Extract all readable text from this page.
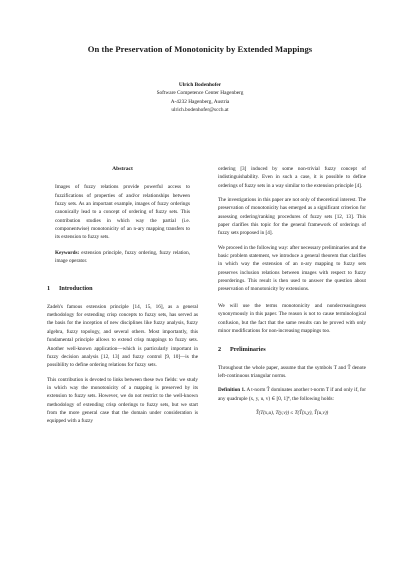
On the Preservation of Monotonicity by Extended Mappings
Ulrich Bodenhofer
Software Competence Center Hagenberg
A-4232 Hagenberg, Austria
ulrich.bodenhofer@scch.at

Abstract

Images of fuzzy relations provide powerful access to fuzzifications of properties of and/or relationships between fuzzy sets. As an important example, images of fuzzy orderings canonically lead to a concept of ordering of fuzzy sets. This contribution studies in which way the partial (i.e. componentwise) monotonicity of an n-ary mapping transfers to its extension to fuzzy sets.

Keywords: extension principle, fuzzy ordering, fuzzy relation, image operator.

1 Introduction

Zadeh's famous extension principle [14, 15, 16], as a general methodology for extending crisp concepts to fuzzy sets, has served as the basis for the inception of new disciplines like fuzzy analysis, fuzzy algebra, fuzzy topology, and several others. Most importantly, this fundamental principle allows to extend crisp mappings to fuzzy sets. Another well-known application—which is particularly important in fuzzy decision analysis [12, 13] and fuzzy control [9, 10]—is the possibility to define ordering relations for fuzzy sets.

This contribution is devoted to links between these two fields: we study in which way the monotonicity of a mapping is preserved by its extension to fuzzy sets. However, we do not restrict to the well-known methodology of extending crisp orderings to fuzzy sets, but we start from the more general case that the domain under consideration is equipped with a fuzzy

ordering [3] induced by some non-trivial fuzzy concept of indistinguishability. Even in such a case, it is possible to define orderings of fuzzy sets in a way similar to the extension principle [4].

The investigations in this paper are not only of theoretical interest. The preservation of monotonicity has emerged as a significant criterion for assessing ordering/ranking procedures of fuzzy sets [12, 13]. This paper clarifies this topic for the general framework of orderings of fuzzy sets proposed in [4].

We proceed in the following way: after necessary preliminaries and the basic problem statement, we introduce a general theorem that clarifies in which way the extension of an n-ary mapping to fuzzy sets preserves inclusion relations between images with respect to fuzzy preorderings. This result is then used to answer the question about preservation of monotonicity by extensions.

We will use the terms monotonicity and nondecreasingness synonymously in this paper. The reason is not to cause terminological confusion, but the fact that the same results can be proved with only minor modifications for non-increasing mappings too.

2 Preliminaries

Throughout the whole paper, assume that the symbols T and T̃ denote left-continuous triangular norms.

Definition 1. A t-norm T̃ dominates another t-norm T if and only if, for any quadruple (x, y, u, v) ∈ [0, 1]⁴, the following holds:

T̃(T(x,u), T(y,v)) ≤ T(T̃(x,y), T̃(u,v))
